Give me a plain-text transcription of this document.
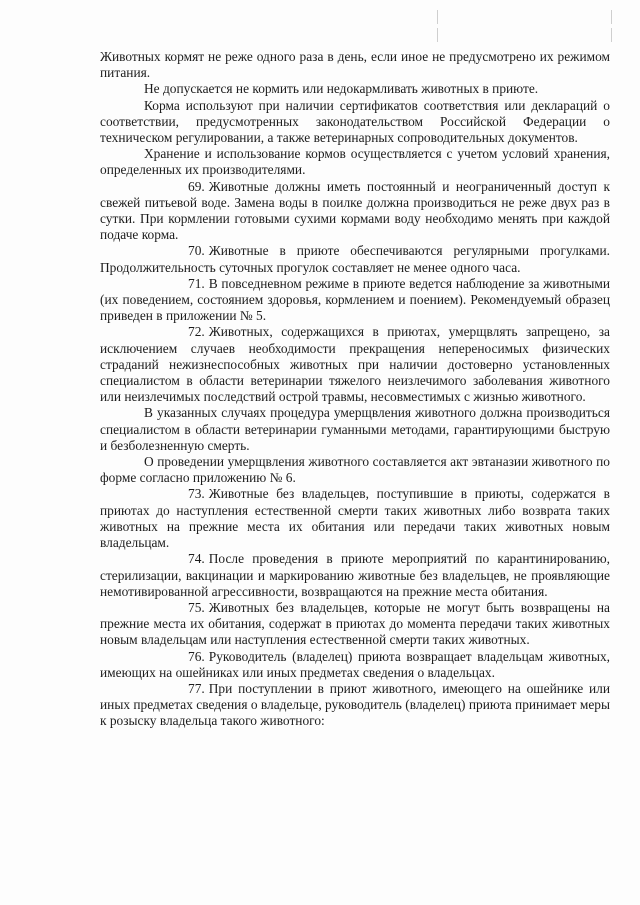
Животных кормят не реже одного раза в день, если иное не предусмотрено их режимом питания.

Не допускается не кормить или недокармливать животных в приюте.

Корма используют при наличии сертификатов соответствия или деклараций о соответствии, предусмотренных законодательством Российской Федерации о техническом регулировании, а также ветеринарных сопроводительных документов.

Хранение и использование кормов осуществляется с учетом условий хранения, определенных их производителями.

69. Животные должны иметь постоянный и неограниченный доступ к свежей питьевой воде. Замена воды в поилке должна производиться не реже двух раз в сутки. При кормлении готовыми сухими кормами воду необходимо менять при каждой подаче корма.

70. Животные в приюте обеспечиваются регулярными прогулками. Продолжительность суточных прогулок составляет не менее одного часа.

71. В повседневном режиме в приюте ведется наблюдение за животными (их поведением, состоянием здоровья, кормлением и поением). Рекомендуемый образец приведен в приложении № 5.

72. Животных, содержащихся в приютах, умерщвлять запрещено, за исключением случаев необходимости прекращения непереносимых физических страданий нежизнеспособных животных при наличии достоверно установленных специалистом в области ветеринарии тяжелого неизлечимого заболевания животного или неизлечимых последствий острой травмы, несовместимых с жизнью животного.

В указанных случаях процедура умерщвления животного должна производиться специалистом в области ветеринарии гуманными методами, гарантирующими быструю и безболезненную смерть.

О проведении умерщвления животного составляется акт эвтаназии животного по форме согласно приложению № 6.

73. Животные без владельцев, поступившие в приюты, содержатся в приютах до наступления естественной смерти таких животных либо возврата таких животных на прежние места их обитания или передачи таких животных новым владельцам.

74. После проведения в приюте мероприятий по карантинированию, стерилизации, вакцинации и маркированию животные без владельцев, не проявляющие немотивированной агрессивности, возвращаются на прежние места обитания.

75. Животных без владельцев, которые не могут быть возвращены на прежние места их обитания, содержат в приютах до момента передачи таких животных новым владельцам или наступления естественной смерти таких животных.

76. Руководитель (владелец) приюта возвращает владельцам животных, имеющих на ошейниках или иных предметах сведения о владельцах.

77. При поступлении в приют животного, имеющего на ошейнике или иных предметах сведения о владельце, руководитель (владелец) приюта принимает меры к розыску владельца такого животного:
